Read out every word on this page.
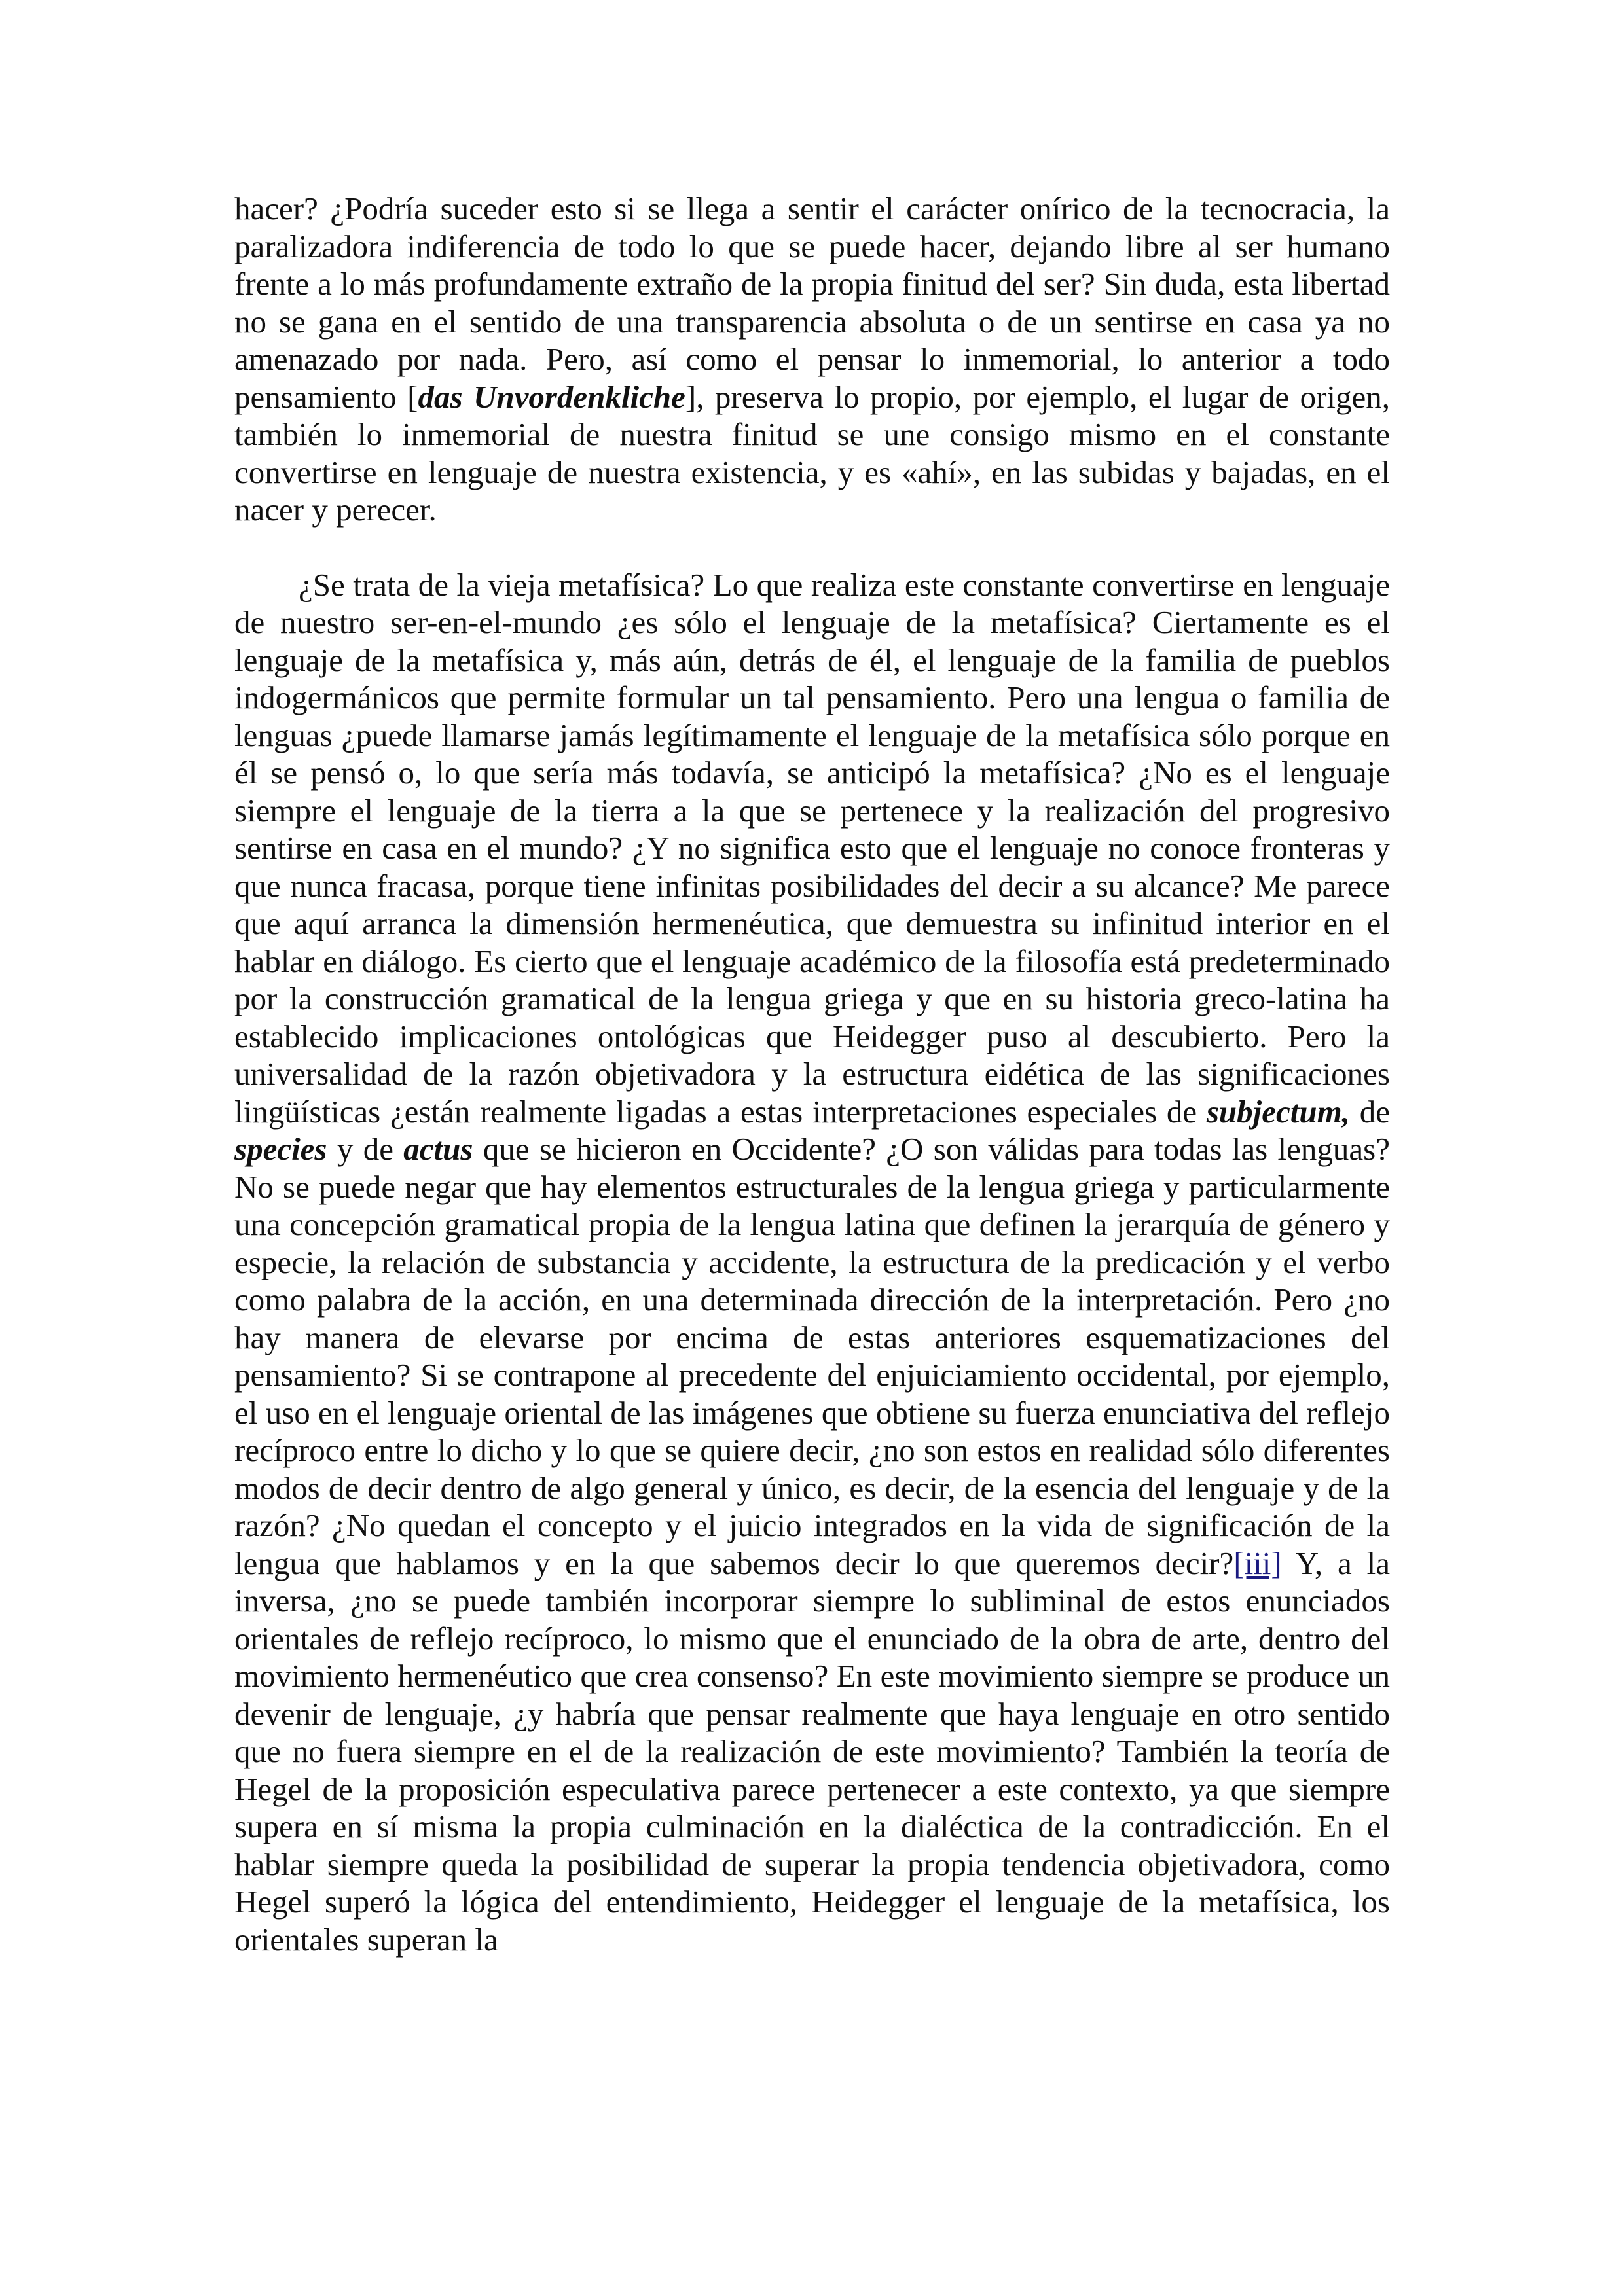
hacer? ¿Podría suceder esto si se llega a sentir el carácter onírico de la tecnocracia, la paralizadora indiferencia de todo lo que se puede hacer, dejando libre al ser humano frente a lo más profundamente extraño de la propia finitud del ser? Sin duda, esta libertad no se gana en el sentido de una transparencia absoluta o de un sentirse en casa ya no amenazado por nada. Pero, así como el pensar lo inmemorial, lo anterior a todo pensamiento [das Unvordenkliche], preserva lo propio, por ejemplo, el lugar de origen, también lo inmemorial de nuestra finitud se une consigo mismo en el constante convertirse en lenguaje de nuestra existencia, y es «ahí», en las subidas y bajadas, en el nacer y perecer.

¿Se trata de la vieja metafísica? Lo que realiza este constante convertirse en lenguaje de nuestro ser-en-el-mundo ¿es sólo el lenguaje de la metafísica? Ciertamente es el lenguaje de la metafísica y, más aún, detrás de él, el lenguaje de la familia de pueblos indogermánicos que permite formular un tal pensamiento. Pero una lengua o familia de lenguas ¿puede llamarse jamás legítimamente el lenguaje de la metafísica sólo porque en él se pensó o, lo que sería más todavía, se anticipó la metafísica? ¿No es el lenguaje siempre el lenguaje de la tierra a la que se pertenece y la realización del progresivo sentirse en casa en el mundo? ¿Y no significa esto que el lenguaje no conoce fronteras y que nunca fracasa, porque tiene infinitas posibilidades del decir a su alcance? Me parece que aquí arranca la dimensión hermenéutica, que demuestra su infinitud interior en el hablar en diálogo. Es cierto que el lenguaje académico de la filosofía está predeterminado por la construcción gramatical de la lengua griega y que en su historia greco-latina ha establecido implicaciones ontológicas que Heidegger puso al descubierto. Pero la universalidad de la razón objetivadora y la estructura eidética de las significaciones lingüísticas ¿están realmente ligadas a estas interpretaciones especiales de subjectum, de species y de actus que se hicieron en Occidente? ¿O son válidas para todas las lenguas? No se puede negar que hay elementos estructurales de la lengua griega y particularmente una concepción gramatical propia de la lengua latina que definen la jerarquía de género y especie, la relación de substancia y accidente, la estructura de la predicación y el verbo como palabra de la acción, en una determinada dirección de la interpretación. Pero ¿no hay manera de elevarse por encima de estas anteriores esquematizaciones del pensamiento? Si se contrapone al precedente del enjuiciamiento occidental, por ejemplo, el uso en el lenguaje oriental de las imágenes que obtiene su fuerza enunciativa del reflejo recíproco entre lo dicho y lo que se quiere decir, ¿no son estos en realidad sólo diferentes modos de decir dentro de algo general y único, es decir, de la esencia del lenguaje y de la razón? ¿No quedan el concepto y el juicio integrados en la vida de significación de la lengua que hablamos y en la que sabemos decir lo que queremos decir?[iii] Y, a la inversa, ¿no se puede también incorporar siempre lo subliminal de estos enunciados orientales de reflejo recíproco, lo mismo que el enunciado de la obra de arte, dentro del movimiento hermenéutico que crea consenso? En este movimiento siempre se produce un devenir de lenguaje, ¿y habría que pensar realmente que haya lenguaje en otro sentido que no fuera siempre en el de la realización de este movimiento? También la teoría de Hegel de la proposición especulativa parece pertenecer a este contexto, ya que siempre supera en sí misma la propia culminación en la dialéctica de la contradicción. En el hablar siempre queda la posibilidad de superar la propia tendencia objetivadora, como Hegel superó la lógica del entendimiento, Heidegger el lenguaje de la metafísica, los orientales superan la
